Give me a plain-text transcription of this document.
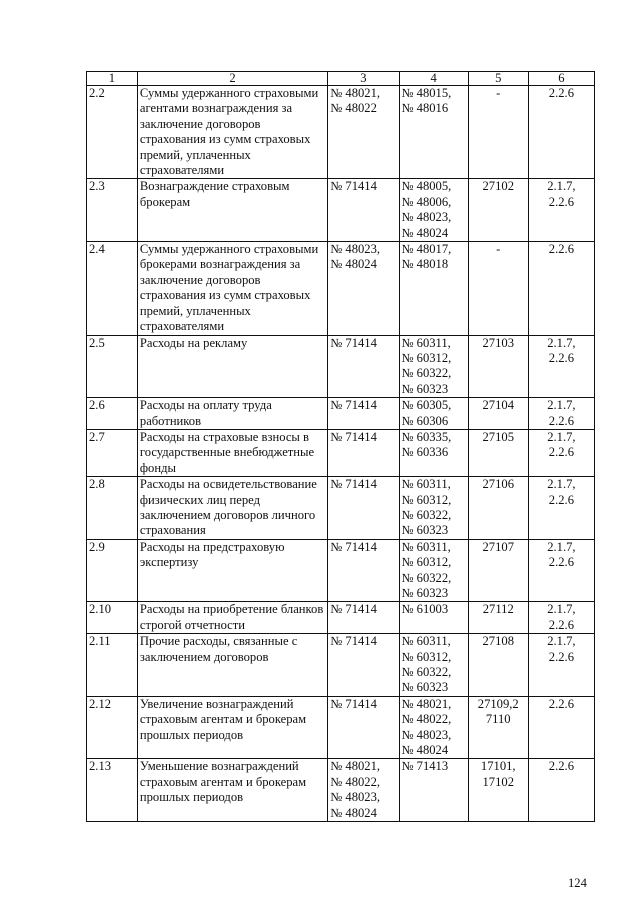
1	2	3	4	5	6
2.2	Суммы удержанного страховыми агентами вознаграждения за заключение договоров страхования из сумм страховых премий, уплаченных страхователями	№ 48021,
№ 48022	№ 48015,
№ 48016	-	2.2.6

2.3	Вознаграждение страховым брокерам	№ 71414	№ 48005,
№ 48006,
№ 48023,
№ 48024	27102	2.1.7,
2.2.6

2.4	Суммы удержанного страховыми брокерами вознаграждения за заключение договоров страхования из сумм страховых премий, уплаченных страхователями	№ 48023,
№ 48024	№ 48017,
№ 48018	-	2.2.6

2.5	Расходы на рекламу	№ 71414	№ 60311,
№ 60312,
№ 60322,
№ 60323	27103	2.1.7,
2.2.6

2.6	Расходы на оплату труда работников	№ 71414	№ 60305,
№ 60306	27104	2.1.7,
2.2.6

2.7	Расходы на страховые взносы в государственные внебюджетные фонды	№ 71414	№ 60335,
№ 60336	27105	2.1.7,
2.2.6

2.8	Расходы на освидетельствование физических лиц перед заключением договоров личного страхования	№ 71414	№ 60311,
№ 60312,
№ 60322,
№ 60323	27106	2.1.7,
2.2.6

2.9	Расходы на предстраховую экспертизу	№ 71414	№ 60311,
№ 60312,
№ 60322,
№ 60323	27107	2.1.7,
2.2.6

2.10	Расходы на приобретение бланков строгой отчетности	№ 71414	№ 61003	27112	2.1.7,
2.2.6

2.11	Прочие расходы, связанные с заключением договоров	№ 71414	№ 60311,
№ 60312,
№ 60322,
№ 60323	27108	2.1.7,
2.2.6

2.12	Увеличение вознаграждений страховым агентам и брокерам прошлых периодов	№ 71414	№ 48021,
№ 48022,
№ 48023,
№ 48024	27109,2
7110	2.2.6

2.13	Уменьшение вознаграждений страховым агентам и брокерам прошлых периодов	№ 48021,
№ 48022,
№ 48023,
№ 48024	№ 71413	17101,
17102	2.2.6
124
